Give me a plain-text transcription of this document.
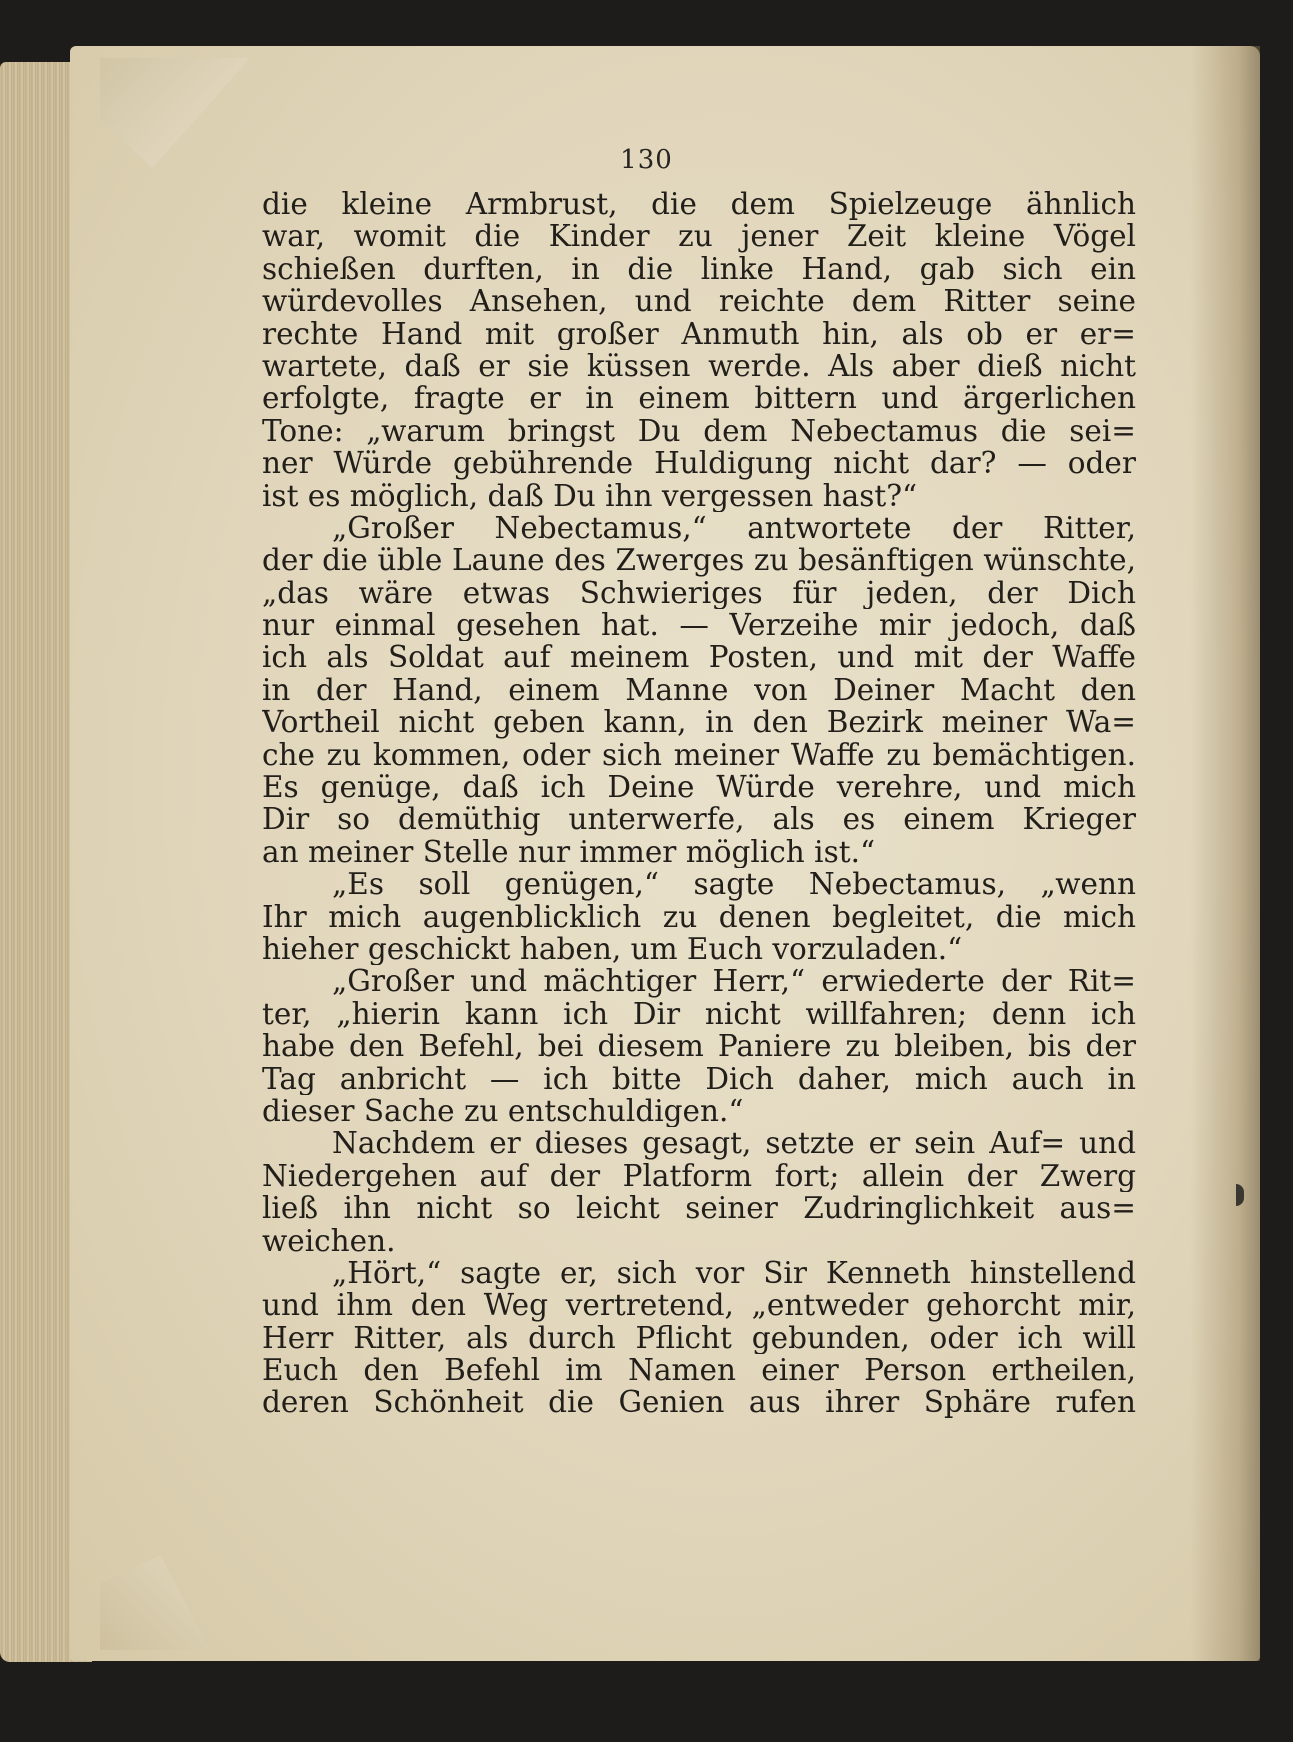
130
die kleine Armbrust, die dem Spielzeuge ähnlich
war, womit die Kinder zu jener Zeit kleine Vögel
schießen durften, in die linke Hand, gab sich ein
würdevolles Ansehen, und reichte dem Ritter seine
rechte Hand mit großer Anmuth hin, als ob er er=
wartete, daß er sie küssen werde. Als aber dieß nicht
erfolgte, fragte er in einem bittern und ärgerlichen
Tone: „warum bringst Du dem Nebectamus die sei=
ner Würde gebührende Huldigung nicht dar? — oder
ist es möglich, daß Du ihn vergessen hast?“
„Großer Nebectamus,“ antwortete der Ritter,
der die üble Laune des Zwerges zu besänftigen wünschte,
„das wäre etwas Schwieriges für jeden, der Dich
nur einmal gesehen hat. — Verzeihe mir jedoch, daß
ich als Soldat auf meinem Posten, und mit der Waffe
in der Hand, einem Manne von Deiner Macht den
Vortheil nicht geben kann, in den Bezirk meiner Wa=
che zu kommen, oder sich meiner Waffe zu bemächtigen.
Es genüge, daß ich Deine Würde verehre, und mich
Dir so demüthig unterwerfe, als es einem Krieger
an meiner Stelle nur immer möglich ist.“
„Es soll genügen,“ sagte Nebectamus, „wenn
Ihr mich augenblicklich zu denen begleitet, die mich
hieher geschickt haben, um Euch vorzuladen.“
„Großer und mächtiger Herr,“ erwiederte der Rit=
ter, „hierin kann ich Dir nicht willfahren; denn ich
habe den Befehl, bei diesem Paniere zu bleiben, bis der
Tag anbricht — ich bitte Dich daher, mich auch in
dieser Sache zu entschuldigen.“
Nachdem er dieses gesagt, setzte er sein Auf= und
Niedergehen auf der Platform fort; allein der Zwerg
ließ ihn nicht so leicht seiner Zudringlichkeit aus=
weichen.
„Hört,“ sagte er, sich vor Sir Kenneth hinstellend
und ihm den Weg vertretend, „entweder gehorcht mir,
Herr Ritter, als durch Pflicht gebunden, oder ich will
Euch den Befehl im Namen einer Person ertheilen,
deren Schönheit die Genien aus ihrer Sphäre rufen
